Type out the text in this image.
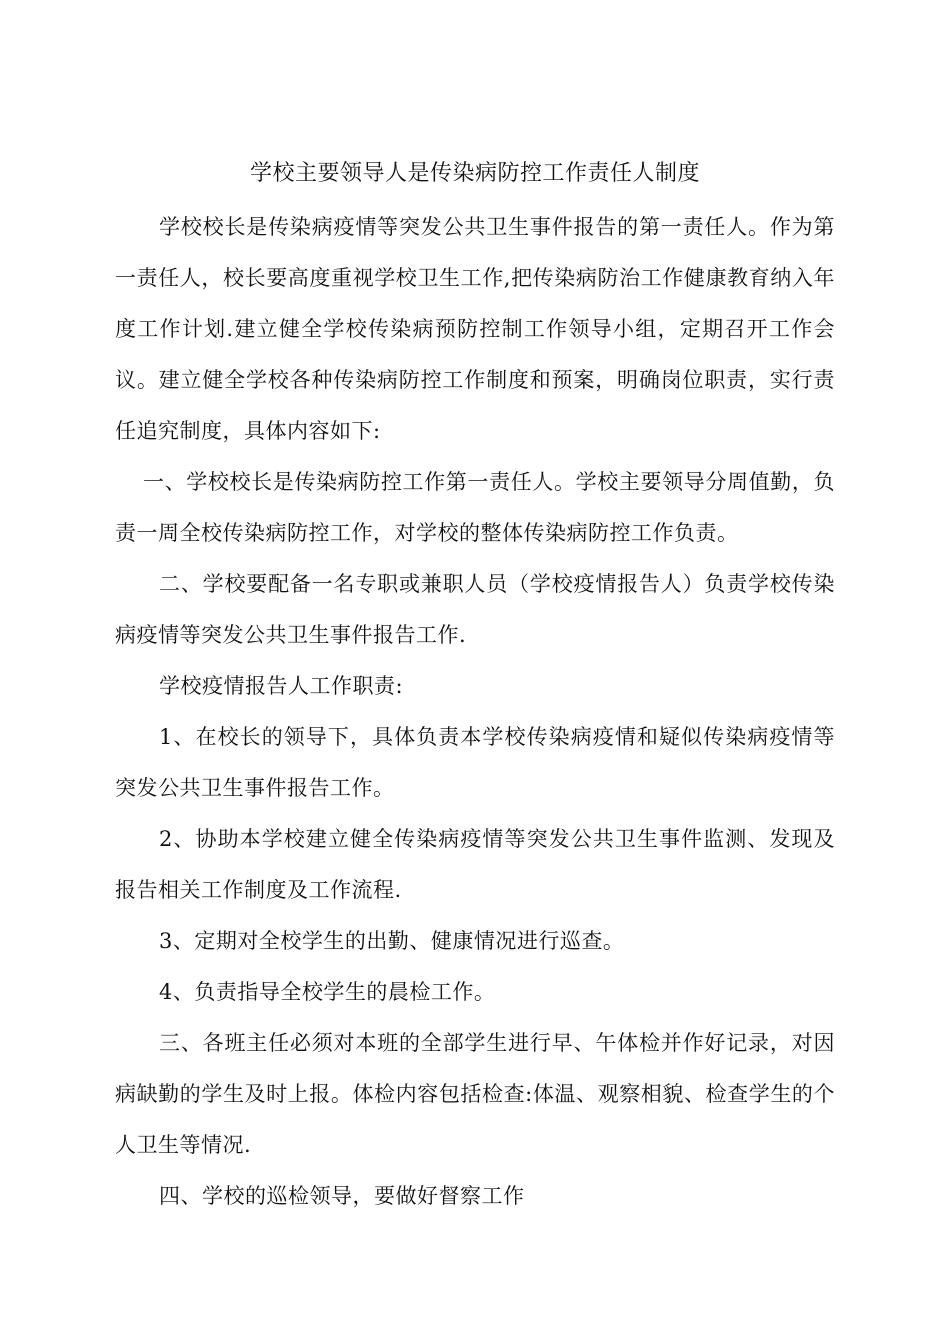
学校主要领导人是传染病防控工作责任人制度

学校校长是传染病疫情等突发公共卫生事件报告的第一责任人。作为第一责任人，校长要高度重视学校卫生工作,把传染病防治工作健康教育纳入年度工作计划.建立健全学校传染病预防控制工作领导小组，定期召开工作会议。建立健全学校各种传染病防控工作制度和预案，明确岗位职责，实行责任追究制度，具体内容如下:

一、学校校长是传染病防控工作第一责任人。学校主要领导分周值勤，负责一周全校传染病防控工作，对学校的整体传染病防控工作负责。

二、学校要配备一名专职或兼职人员（学校疫情报告人）负责学校传染病疫情等突发公共卫生事件报告工作.

学校疫情报告人工作职责:

1、在校长的领导下，具体负责本学校传染病疫情和疑似传染病疫情等突发公共卫生事件报告工作。

2、协助本学校建立健全传染病疫情等突发公共卫生事件监测、发现及报告相关工作制度及工作流程.

3、定期对全校学生的出勤、健康情况进行巡查。

4、负责指导全校学生的晨检工作。

三、各班主任必须对本班的全部学生进行早、午体检并作好记录，对因病缺勤的学生及时上报。体检内容包括检查:体温、观察相貌、检查学生的个人卫生等情况.

四、学校的巡检领导，要做好督察工作
